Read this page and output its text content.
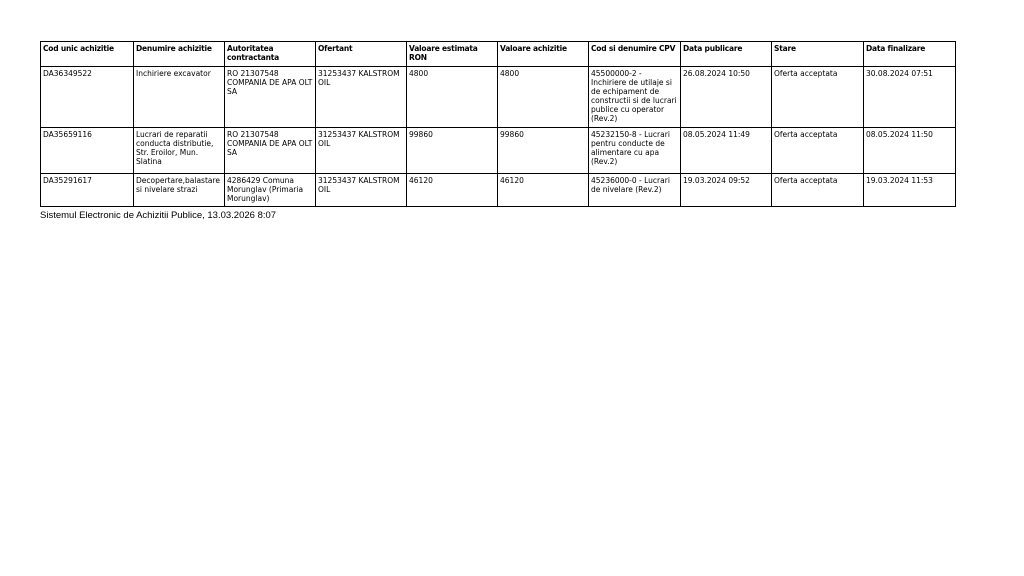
Cod unic achizitie	Denumire achizitie	Autoritatea contractanta	Ofertant	Valoare estimata RON	Valoare achizitie	Cod si denumire CPV	Data publicare	Stare	Data finalizare
DA36349522	Inchiriere excavator	RO 21307548 COMPANIA DE APA OLT SA	31253437 KALSTROM OIL	4800	4800	45500000-2 - Inchiriere de utilaje si de echipament de constructii si de lucrari publice cu operator (Rev.2)	26.08.2024 10:50	Oferta acceptata	30.08.2024 07:51
DA35659116	Lucrari de reparatii conducta distributie, Str. Eroilor, Mun. Slatina	RO 21307548 COMPANIA DE APA OLT SA	31253437 KALSTROM OIL	99860	99860	45232150-8 - Lucrari pentru conducte de alimentare cu apa (Rev.2)	08.05.2024 11:49	Oferta acceptata	08.05.2024 11:50
DA35291617	Decopertare,balastare si nivelare strazi	4286429 Comuna Morunglav (Primaria Morunglav)	31253437 KALSTROM OIL	46120	46120	45236000-0 - Lucrari de nivelare (Rev.2)	19.03.2024 09:52	Oferta acceptata	19.03.2024 11:53
Sistemul Electronic de Achizitii Publice, 13.03.2026 8:07
